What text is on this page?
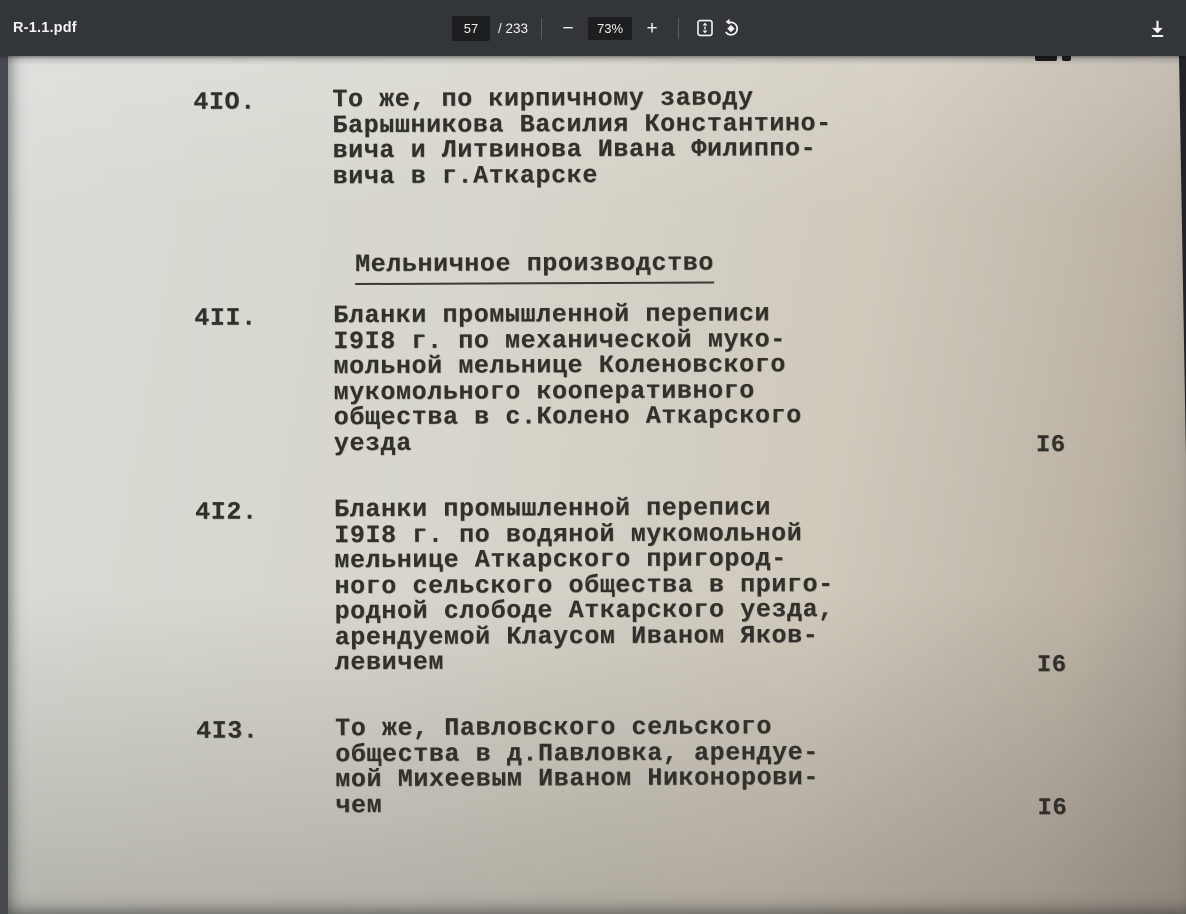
R-1.1.pdf
57	/ 233	−	73%	+
4IO.	То же, по кирпичному заводу
Барышникова Василия Константино-
вича и Литвинова Ивана Филиппо-
вича в г.Аткарске
Мельничное производство
4II.	Бланки промышленной переписи
I9I8 г. по механической муко-
мольной мельнице Коленовского
мукомольного кооперативного
общества в с.Колено Аткарского
уезда	I6
4I2.	Бланки промышленной переписи
I9I8 г. по водяной мукомольной
мельнице Аткарского пригород-
ного сельского общества в приго-
родной слободе Аткарского уезда,
арендуемой Клаусом Иваном Яков-
левичем	I6
4I3.	То же, Павловского сельского
общества в д.Павловка, арендуе-
мой Михеевым Иваном Никонорови-
чем	I6
